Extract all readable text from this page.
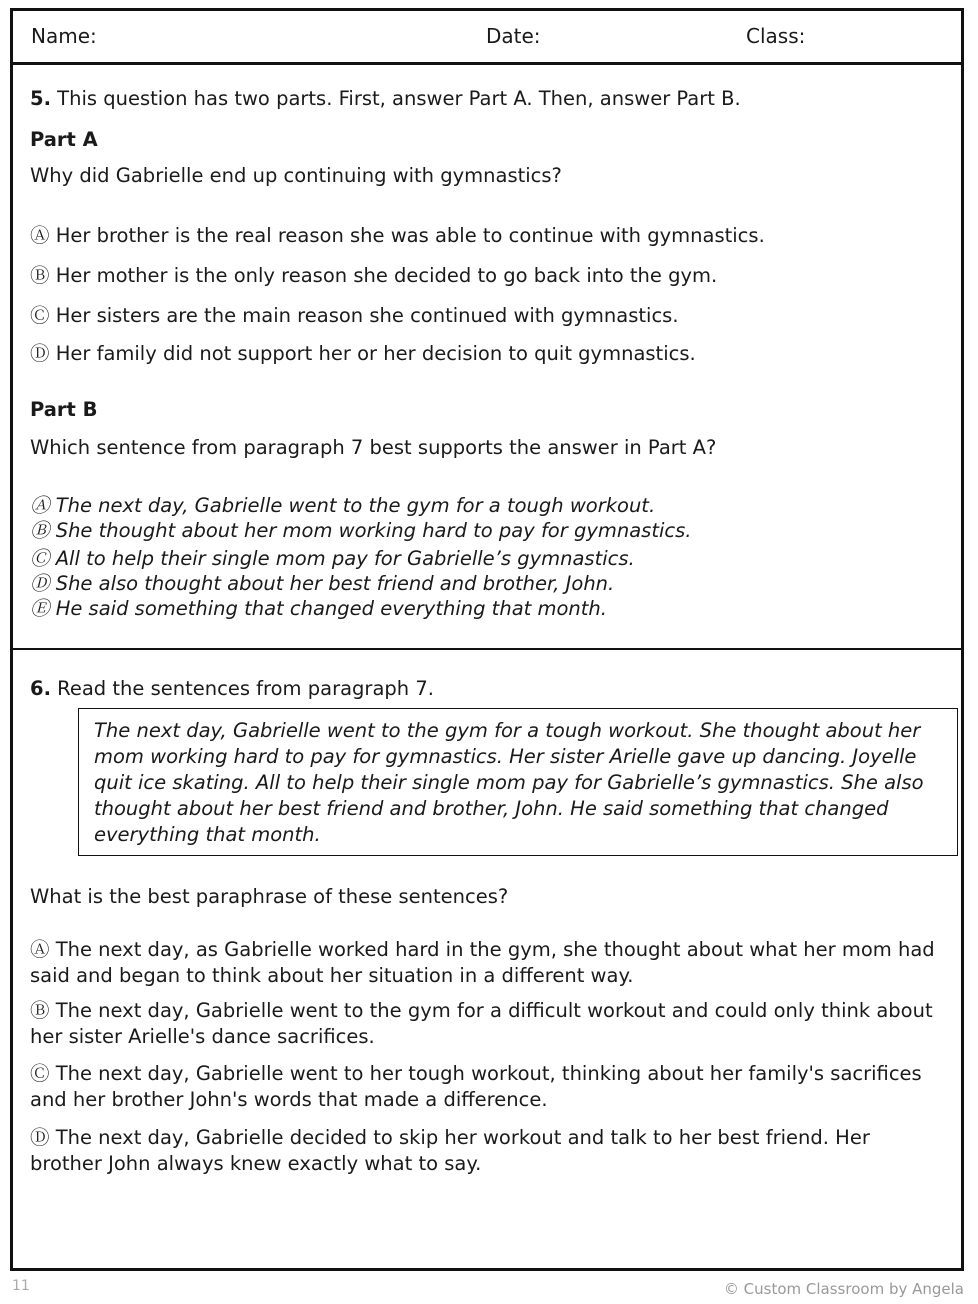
Name:	Date:	Class:
5. This question has two parts. First, answer Part A. Then, answer Part B.
Part A
Why did Gabrielle end up continuing with gymnastics?
Ⓐ Her brother is the real reason she was able to continue with gymnastics.
Ⓑ Her mother is the only reason she decided to go back into the gym.
Ⓒ Her sisters are the main reason she continued with gymnastics.
Ⓓ Her family did not support her or her decision to quit gymnastics.
Part B
Which sentence from paragraph 7 best supports the answer in Part A?
Ⓐ The next day, Gabrielle went to the gym for a tough workout.
Ⓑ She thought about her mom working hard to pay for gymnastics.
Ⓒ All to help their single mom pay for Gabrielle’s gymnastics.
Ⓓ She also thought about her best friend and brother, John.
Ⓔ He said something that changed everything that month.
6. Read the sentences from paragraph 7.
The next day, Gabrielle went to the gym for a tough workout. She thought about her mom working hard to pay for gymnastics. Her sister Arielle gave up dancing. Joyelle quit ice skating. All to help their single mom pay for Gabrielle’s gymnastics. She also thought about her best friend and brother, John. He said something that changed everything that month.
What is the best paraphrase of these sentences?
Ⓐ The next day, as Gabrielle worked hard in the gym, she thought about what her mom had said and began to think about her situation in a different way.
Ⓑ The next day, Gabrielle went to the gym for a difficult workout and could only think about her sister Arielle's dance sacrifices.
Ⓒ The next day, Gabrielle went to her tough workout, thinking about her family's sacrifices and her brother John's words that made a difference.
Ⓓ The next day, Gabrielle decided to skip her workout and talk to her best friend. Her brother John always knew exactly what to say.
11	© Custom Classroom by Angela
